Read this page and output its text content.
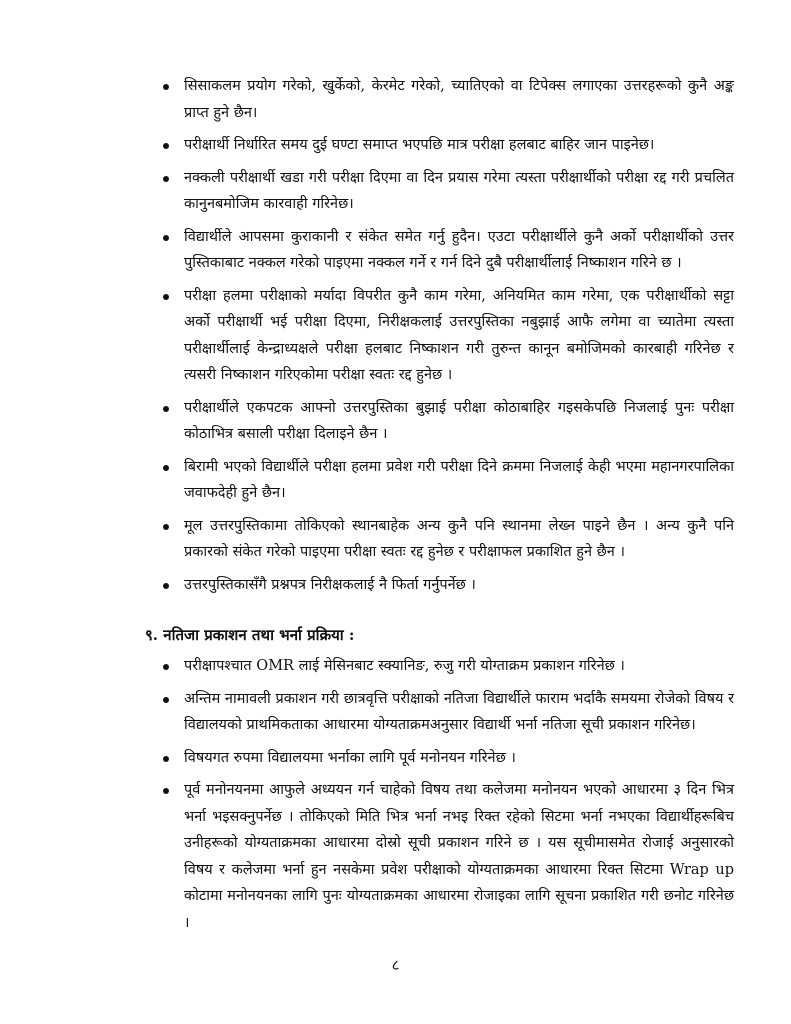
सिसाकलम प्रयोग गरेको, खुर्केको, केरमेट गरेको, च्यातिएको वा टिपेक्स लगाएका उत्तरहरूको कुनै अङ्क प्राप्त हुने छैन।
परीक्षार्थी निर्धारित समय दुई घण्टा समाप्त भएपछि मात्र परीक्षा हलबाट बाहिर जान पाइनेछ।
नक्कली परीक्षार्थी खडा गरी परीक्षा दिएमा वा दिन प्रयास गरेमा त्यस्ता परीक्षार्थीको परीक्षा रद्द गरी प्रचलित कानुनबमोजिम कारवाही गरिनेछ।
विद्यार्थीले आपसमा कुराकानी र संकेत समेत गर्नु हुदैन। एउटा परीक्षार्थीले कुनै अर्को परीक्षार्थीको उत्तर पुस्तिकाबाट नक्कल गरेको पाइएमा नक्कल गर्ने र गर्न दिने दुबै परीक्षार्थीलाई निष्काशन गरिने छ ।
परीक्षा हलमा परीक्षाको मर्यादा विपरीत कुनै काम गरेमा, अनियमित काम गरेमा, एक परीक्षार्थीको सट्टा अर्को परीक्षार्थी भई परीक्षा दिएमा, निरीक्षकलाई उत्तरपुस्तिका नबुझाई आफै लगेमा वा च्यातेमा त्यस्ता परीक्षार्थीलाई केन्द्राध्यक्षले परीक्षा हलबाट निष्काशन गरी तुरुन्त कानून बमोजिमको कारबाही गरिनेछ र त्यसरी निष्काशन गरिएकोमा परीक्षा स्वतः रद्द हुनेछ ।
परीक्षार्थीले एकपटक आफ्नो उत्तरपुस्तिका बुझाई परीक्षा कोठाबाहिर गइसकेपछि निजलाई पुनः परीक्षा कोठाभित्र बसाली परीक्षा दिलाइने छैन ।
बिरामी भएको विद्यार्थीले परीक्षा हलमा प्रवेश गरी परीक्षा दिने क्रममा निजलाई केही भएमा महानगरपालिका जवाफदेही हुने छैन।
मूल उत्तरपुस्तिकामा तोकिएको स्थानबाहेक अन्य कुनै पनि स्थानमा लेख्न पाइने छैन । अन्य कुनै पनि प्रकारको संकेत गरेको पाइएमा परीक्षा स्वतः रद्द हुनेछ र परीक्षाफल प्रकाशित हुने छैन ।
उत्तरपुस्तिकासँगै प्रश्नपत्र निरीक्षकलाई नै फिर्ता गर्नुपर्नेछ ।
९. नतिजा प्रकाशन तथा भर्ना प्रक्रिया :
परीक्षापश्चात OMR लाई मेसिनबाट स्क्यानिङ, रुजु गरी योग्ताक्रम प्रकाशन गरिनेछ ।
अन्तिम नामावली प्रकाशन गरी छात्रवृत्ति परीक्षाको नतिजा विद्यार्थीले फाराम भर्दाकै समयमा रोजेको विषय र विद्यालयको प्राथमिकताका आधारमा योग्यताक्रमअनुसार विद्यार्थी भर्ना नतिजा सूची प्रकाशन गरिनेछ।
विषयगत रुपमा विद्यालयमा भर्नाका लागि पूर्व मनोनयन गरिनेछ ।
पूर्व मनोनयनमा आफुले अध्ययन गर्न चाहेको विषय तथा कलेजमा मनोनयन भएको आधारमा ३ दिन भित्र भर्ना भइसक्नुपर्नेछ । तोकिएको मिति भित्र भर्ना नभइ रिक्त रहेको सिटमा भर्ना नभएका विद्यार्थीहरूबिच उनीहरूको योग्यताक्रमका आधारमा दोस्रो सूची प्रकाशन गरिने छ । यस सूचीमासमेत रोजाई अनुसारको विषय र कलेजमा भर्ना हुन नसकेमा प्रवेश परीक्षाको योग्यताक्रमका आधारमा रिक्त सिटमा Wrap up कोटामा मनोनयनका लागि पुनः योग्यताक्रमका आधारमा रोजाइका लागि सूचना प्रकाशित गरी छनोट गरिनेछ ।
८
